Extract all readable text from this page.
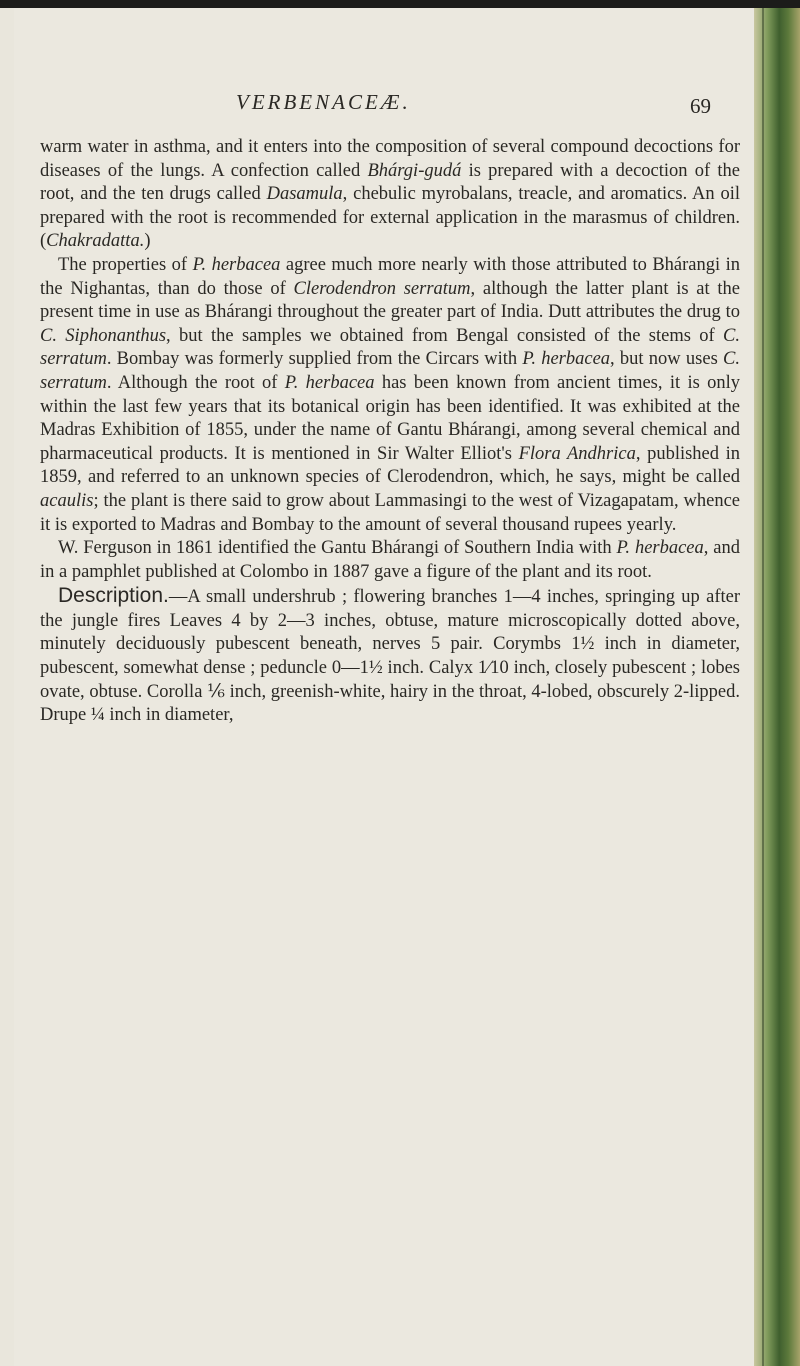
VERBENACEÆ.	69

warm water in asthma, and it enters into the composition of several compound decoctions for diseases of the lungs. A confection called Bhárgi-gudá is prepared with a decoction of the root, and the ten drugs called Dasamula, chebulic myrobalans, treacle, and aromatics. An oil prepared with the root is recommended for external application in the marasmus of children. (Chakradatta.)

The properties of P. herbacea agree much more nearly with those attributed to Bhárangi in the Nighantas, than do those of Clerodendron serratum, although the latter plant is at the present time in use as Bhárangi throughout the greater part of India. Dutt attributes the drug to C. Siphonanthus, but the samples we obtained from Bengal consisted of the stems of C. serratum. Bombay was formerly supplied from the Circars with P. herbacea, but now uses C. serratum. Although the root of P. herbacea has been known from ancient times, it is only within the last few years that its botanical origin has been identified. It was exhibited at the Madras Exhibition of 1855, under the name of Gantu Bhárangi, among several chemical and pharmaceutical products. It is mentioned in Sir Walter Elliot's Flora Andhrica, published in 1859, and referred to an unknown species of Clerodendron, which, he says, might be called acaulis; the plant is there said to grow about Lammasingi to the west of Vizagapatam, whence it is exported to Madras and Bombay to the amount of several thousand rupees yearly.

W. Ferguson in 1861 identified the Gantu Bhárangi of Southern India with P. herbacea, and in a pamphlet published at Colombo in 1887 gave a figure of the plant and its root.

Description.—A small undershrub ; flowering branches 1—4 inches, springing up after the jungle fires Leaves 4 by 2—3 inches, obtuse, mature microscopically dotted above, minutely deciduously pubescent beneath, nerves 5 pair. Corymbs 1½ inch in diameter, pubescent, somewhat dense ; peduncle 0—1½ inch. Calyx 1⁄10 inch, closely pubescent ; lobes ovate, obtuse. Corolla ⅙ inch, greenish-white, hairy in the throat, 4-lobed, obscurely 2-lipped. Drupe ¼ inch in diameter,
